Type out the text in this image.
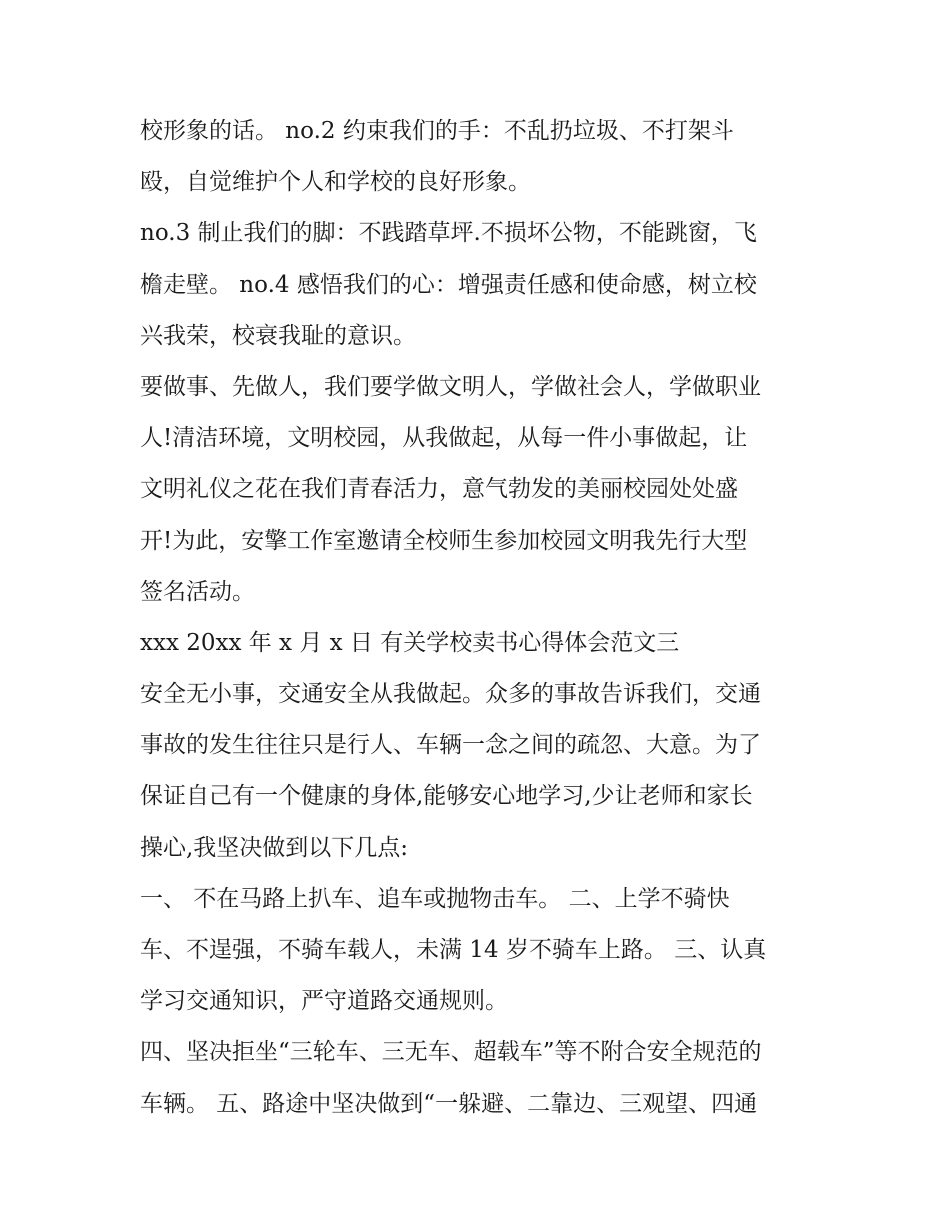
校形象的话。 no.2 约束我们的手：不乱扔垃圾、不打架斗
殴，自觉维护个人和学校的良好形象。
no.3 制止我们的脚：不践踏草坪.不损坏公物，不能跳窗，飞
檐走壁。 no.4 感悟我们的心：增强责任感和使命感，树立校
兴我荣，校衰我耻的意识。
要做事、先做人，我们要学做文明人，学做社会人，学做职业
人!清洁环境，文明校园，从我做起，从每一件小事做起，让
文明礼仪之花在我们青春活力，意气勃发的美丽校园处处盛
开!为此，安擎工作室邀请全校师生参加校园文明我先行大型
签名活动。
xxx 20xx 年 x 月 x 日 有关学校卖书心得体会范文三
安全无小事，交通安全从我做起。众多的事故告诉我们，交通
事故的发生往往只是行人、车辆一念之间的疏忽、大意。为了
保证自己有一个健康的身体,能够安心地学习,少让老师和家长
操心,我坚决做到以下几点:
一、 不在马路上扒车、追车或抛物击车。 二、上学不骑快
车、不逞强，不骑车载人，未满 14 岁不骑车上路。 三、认真
学习交通知识，严守道路交通规则。
四、坚决拒坐“三轮车、三无车、超载车”等不附合安全规范的
车辆。 五、路途中坚决做到“一躲避、二靠边、三观望、四通
